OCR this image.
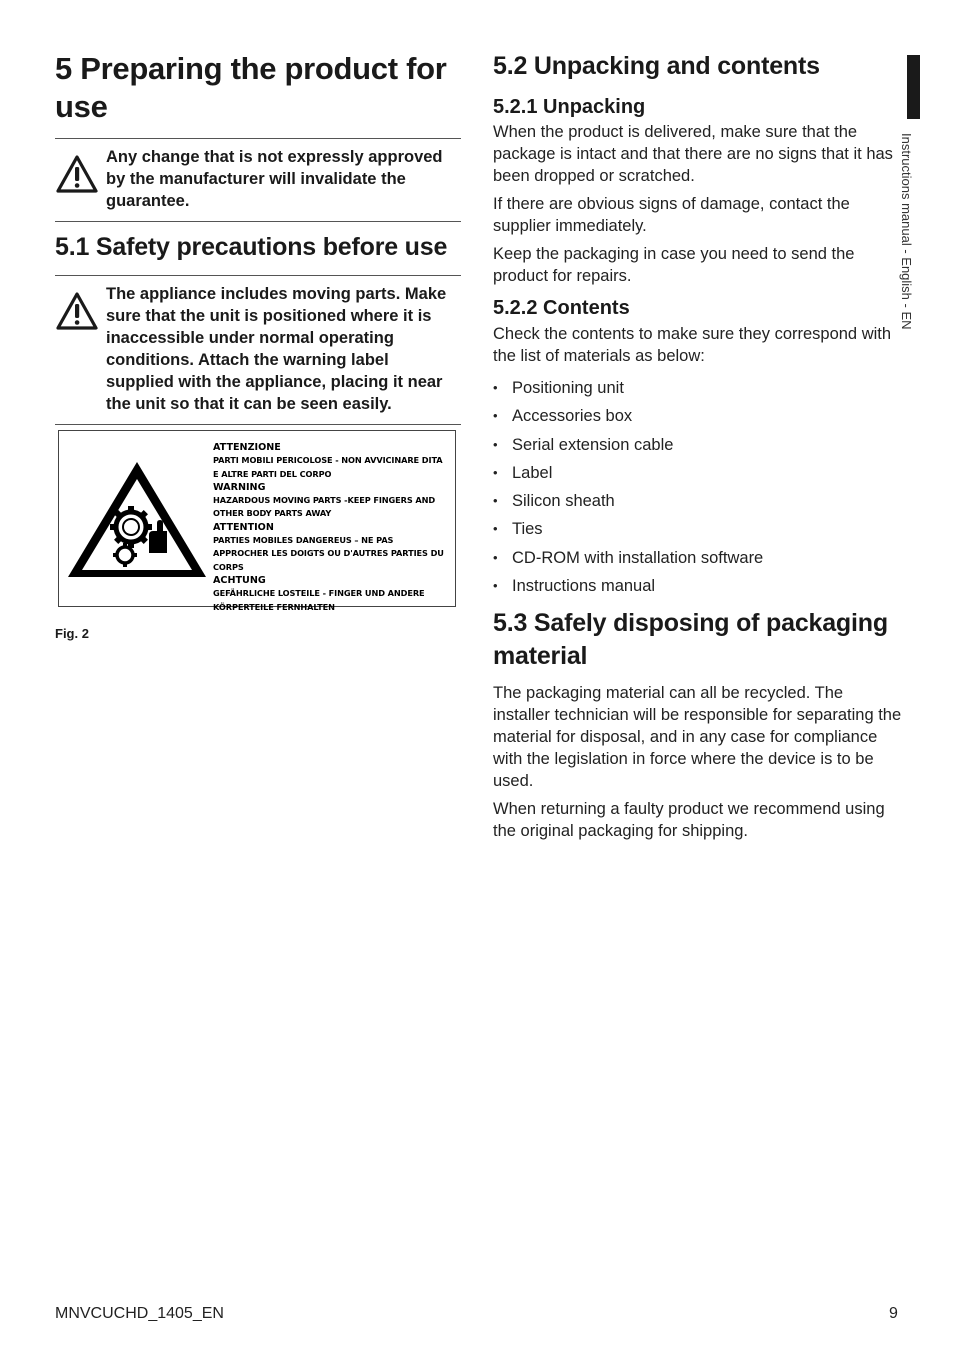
5 Preparing the product for use
Any change that is not expressly approved by the manufacturer will invalidate the guarantee.
5.1 Safety precautions before use
The appliance includes moving parts. Make sure that the unit is positioned where it is inaccessible under normal operating conditions. Attach the warning label supplied with the appliance, placing it near the unit so that it can be seen easily.
ATTENZIONE
PARTI MOBILI PERICOLOSE - NON AVVICINARE DITA E ALTRE PARTI DEL CORPO
WARNING
HAZARDOUS MOVING PARTS -KEEP FINGERS AND OTHER BODY PARTS AWAY
ATTENTION
PARTIES MOBILES DANGEREUS – NE PAS APPROCHER LES DOIGTS OU D'AUTRES PARTIES DU CORPS
ACHTUNG
GEFÄHRLICHE LOSTEILE - FINGER UND ANDERE KÖRPERTEILE FERNHALTEN
Fig. 2
5.2 Unpacking and contents
5.2.1 Unpacking

When the product is delivered, make sure that the package is intact and that there are no signs that it has been dropped or scratched.

If there are obvious signs of damage, contact the supplier immediately.

Keep the packaging in case you need to send the product for repairs.

5.2.2 Contents

Check the contents to make sure they correspond with the list of materials as below:

• Positioning unit
• Accessories box
• Serial extension cable
• Label
• Silicon sheath
• Ties
• CD-ROM with installation software
• Instructions manual
5.3 Safely disposing of packaging material

The packaging material can all be recycled. The installer technician will be responsible for separating the material for disposal, and in any case for compliance with the legislation in force where the device is to be used.

When returning a faulty product we recommend using the original packaging for shipping.

Instructions manual - English - EN
MNVCUCHD_1405_EN	9
